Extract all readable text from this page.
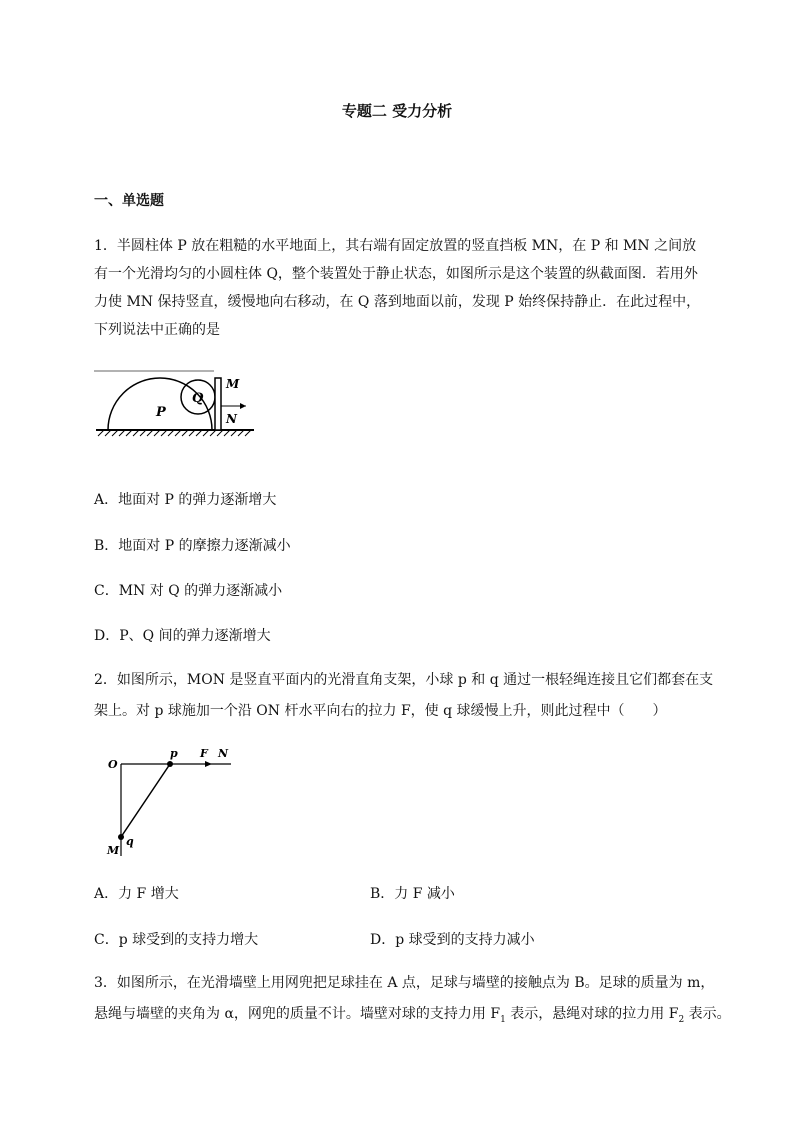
专题二 受力分析
一、单选题
1．半圆柱体 P 放在粗糙的水平地面上，其右端有固定放置的竖直挡板 MN，在 P 和 MN 之间放有一个光滑均匀的小圆柱体 Q，整个装置处于静止状态，如图所示是这个装置的纵截面图．若用外力使 MN 保持竖直，缓慢地向右移动，在 Q 落到地面以前，发现 P 始终保持静止．在此过程中，下列说法中正确的是
Q
P
M
N
A．地面对 P 的弹力逐渐增大
B．地面对 P 的摩擦力逐渐减小
C．MN 对 Q 的弹力逐渐减小
D．P、Q 间的弹力逐渐增大
2．如图所示，MON 是竖直平面内的光滑直角支架，小球 p 和 q 通过一根轻绳连接且它们都套在支
架上。对 p 球施加一个沿 ON 杆水平向右的拉力 F，使 q 球缓慢上升，则此过程中（　　）
O
p F N
q
M
A．力 F 增大	B．力 F 减小
C．p 球受到的支持力增大	D．p 球受到的支持力减小
3．如图所示，在光滑墙壁上用网兜把足球挂在 A 点，足球与墙壁的接触点为 B。足球的质量为 m，
悬绳与墙壁的夹角为 α，网兜的质量不计。墙壁对球的支持力用 $F_1$ 表示，悬绳对球的拉力用 $F_2$ 表示。
